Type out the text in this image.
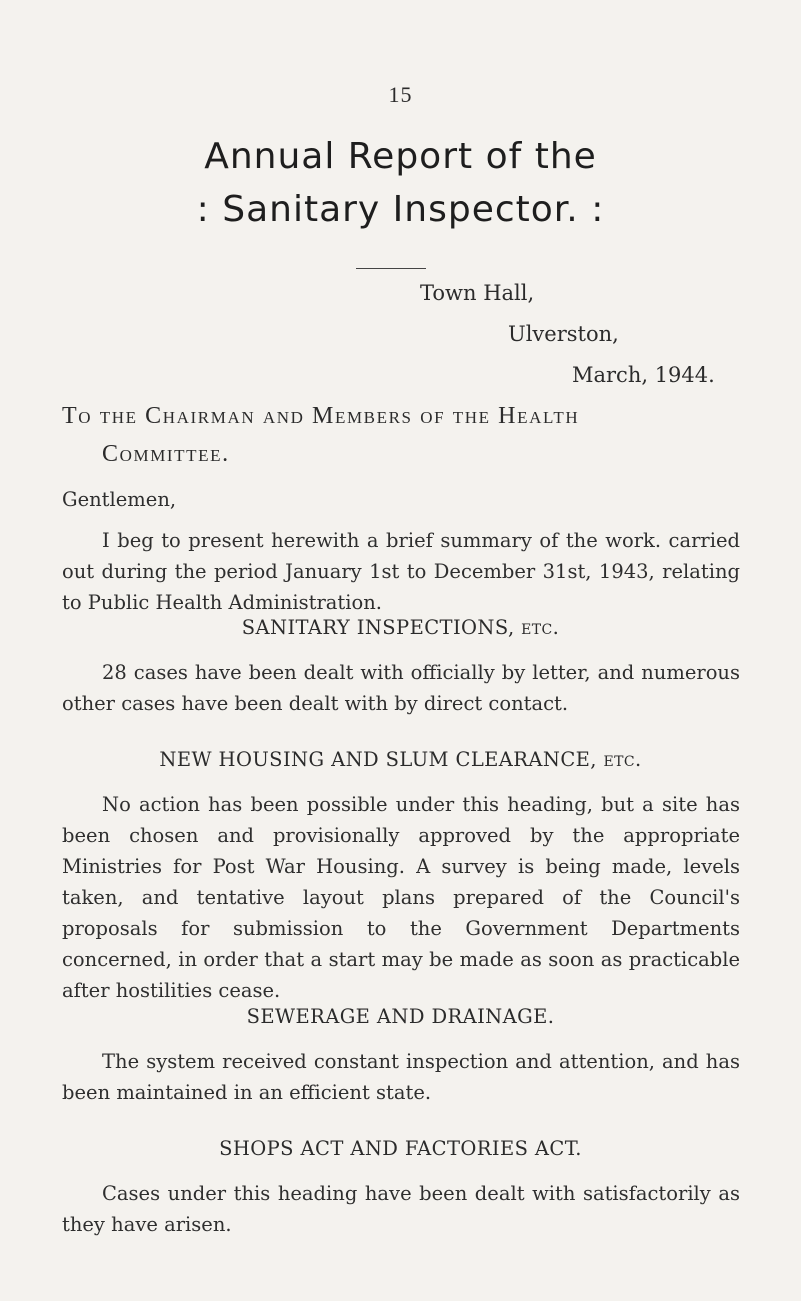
15
Annual Report of the
: Sanitary Inspector. :
Town Hall,
Ulverston,
March, 1944.
To the Chairman and Members of the Health
Committee.
Gentlemen,
I beg to present herewith a brief summary of the work. carried out during the period January 1st to December 31st, 1943, relating to Public Health Administration.
SANITARY INSPECTIONS, etc.
28 cases have been dealt with officially by letter, and numerous other cases have been dealt with by direct contact.
NEW HOUSING AND SLUM CLEARANCE, etc.
No action has been possible under this heading, but a site has been chosen and provisionally approved by the appropriate Ministries for Post War Housing. A survey is being made, levels taken, and tentative layout plans prepared of the Council's proposals for submission to the Government Departments concerned, in order that a start may be made as soon as practicable after hostilities cease.
SEWERAGE AND DRAINAGE.
The system received constant inspection and attention, and has been maintained in an efficient state.
SHOPS ACT AND FACTORIES ACT.
Cases under this heading have been dealt with satisfactorily as they have arisen.
